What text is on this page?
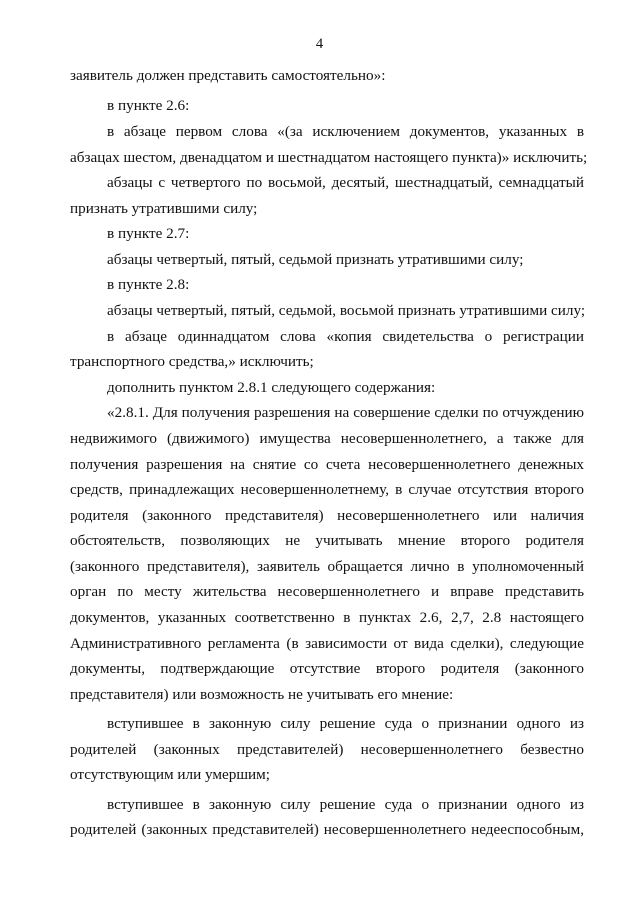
4
заявитель должен представить самостоятельно»:
в пункте 2.6:
в абзаце первом слова «(за исключением документов, указанных в
абзацах шестом, двенадцатом и шестнадцатом настоящего пункта)» исключить;
абзацы с четвертого по восьмой, десятый, шестнадцатый, семнадцатый
признать утратившими силу;
в пункте 2.7:
абзацы четвертый, пятый, седьмой признать утратившими силу;
в пункте 2.8:
абзацы четвертый, пятый, седьмой, восьмой признать утратившими силу;
в абзаце одиннадцатом слова «копия свидетельства о регистрации
транспортного средства,» исключить;
дополнить пунктом 2.8.1 следующего содержания:
«2.8.1. Для получения разрешения на совершение сделки по отчуждению
недвижимого (движимого) имущества несовершеннолетнего, а также для
получения разрешения на снятие со счета несовершеннолетнего денежных
средств, принадлежащих несовершеннолетнему, в случае отсутствия второго
родителя (законного представителя) несовершеннолетнего или наличия
обстоятельств, позволяющих не учитывать мнение второго родителя
(законного представителя), заявитель обращается лично в уполномоченный
орган по месту жительства несовершеннолетнего и вправе представить
документов, указанных соответственно в пунктах 2.6, 2,7, 2.8 настоящего
Административного регламента (в зависимости от вида сделки), следующие
документы, подтверждающие отсутствие второго родителя (законного
представителя) или возможность не учитывать его мнение:
вступившее в законную силу решение суда о признании одного из
родителей (законных представителей) несовершеннолетнего безвестно
отсутствующим или умершим;
вступившее в законную силу решение суда о признании одного из
родителей (законных представителей) несовершеннолетнего недееспособным,
